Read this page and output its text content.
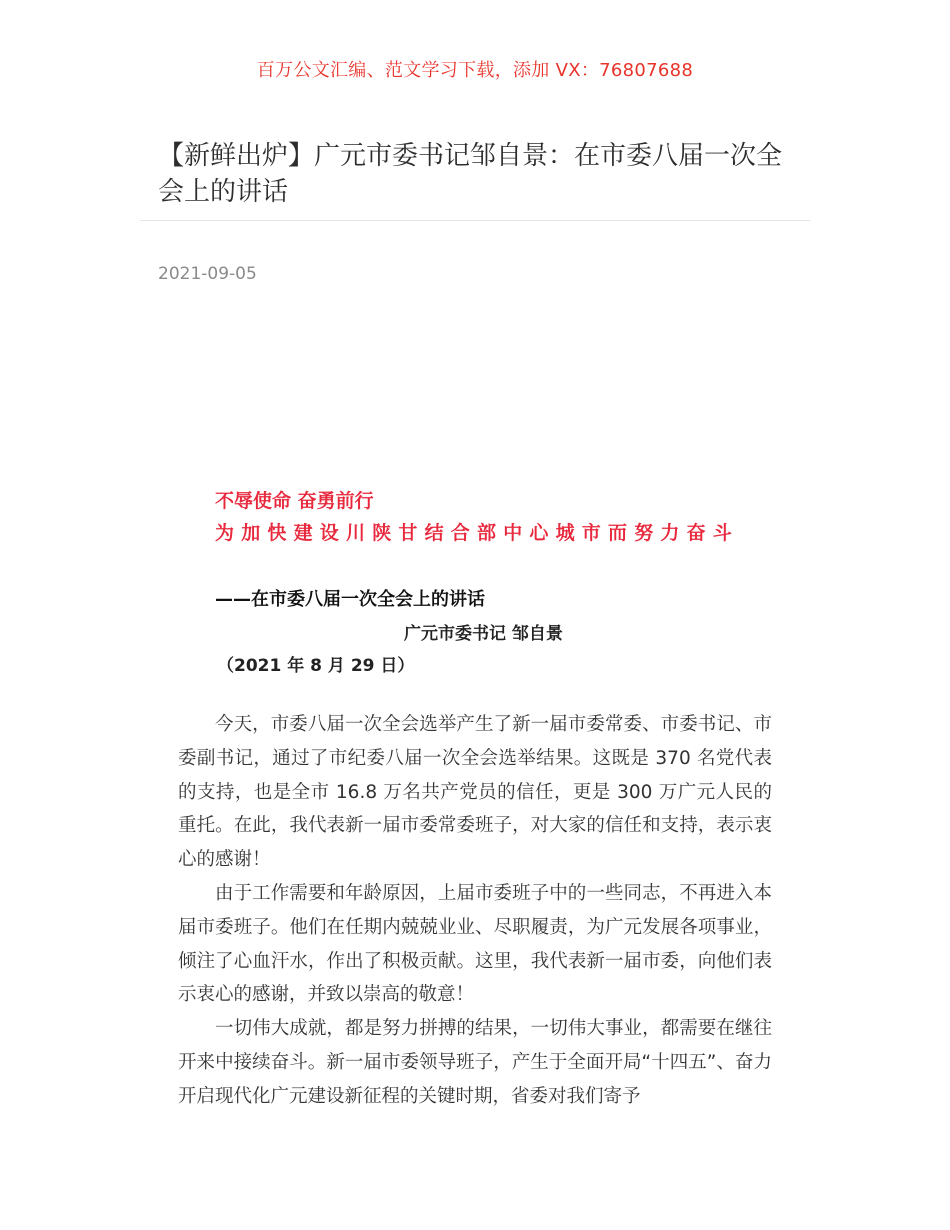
百万公文汇编、范文学习下载，添加 VX：76807688
【新鲜出炉】广元市委书记邹自景：在市委八届一次全会上的讲话
2021-09-05
不辱使命 奋勇前行
为加快建设川陕甘结合部中心城市而努力奋斗
——在市委八届一次全会上的讲话
广元市委书记 邹自景
（2021 年 8 月 29 日）

今天，市委八届一次全会选举产生了新一届市委常委、市委书记、市委副书记，通过了市纪委八届一次全会选举结果。这既是 370 名党代表的支持，也是全市 16.8 万名共产党员的信任，更是 300 万广元人民的重托。在此，我代表新一届市委常委班子，对大家的信任和支持，表示衷心的感谢！

由于工作需要和年龄原因，上届市委班子中的一些同志，不再进入本届市委班子。他们在任期内兢兢业业、尽职履责，为广元发展各项事业，倾注了心血汗水，作出了积极贡献。这里，我代表新一届市委，向他们表示衷心的感谢，并致以崇高的敬意！

一切伟大成就，都是努力拼搏的结果，一切伟大事业，都需要在继往开来中接续奋斗。新一届市委领导班子，产生于全面开局“十四五”、奋力开启现代化广元建设新征程的关键时期，省委对我们寄予
